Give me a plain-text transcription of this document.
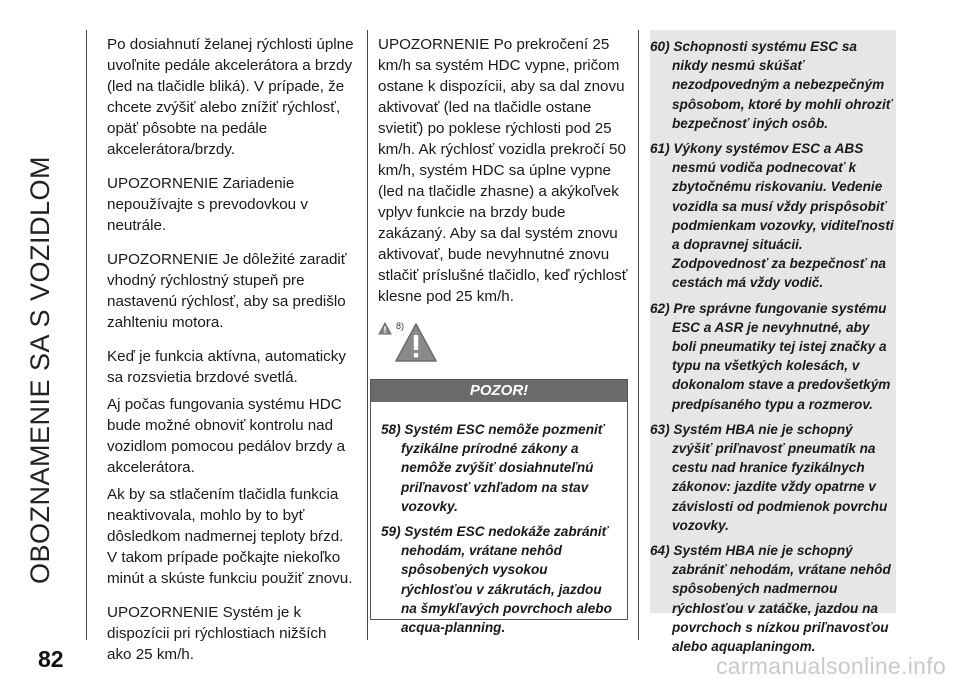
OBOZNAMENIE SA S VOZIDLOM
82	carmanualsonline.info

Po dosiahnutí želanej rýchlosti úplne uvoľnite pedále akcelerátora a brzdy (led na tlačidle bliká). V prípade, že chcete zvýšiť alebo znížiť rýchlosť, opäť pôsobte na pedále akcelerátora/brzdy.

UPOZORNENIE Zariadenie nepoužívajte s prevodovkou v neutrále.

UPOZORNENIE Je dôležité zaradiť vhodný rýchlostný stupeň pre nastavenú rýchlosť, aby sa predišlo zahlteniu motora.

Keď je funkcia aktívna, automaticky sa rozsvietia brzdové svetlá.

Aj počas fungovania systému HDC bude možné obnoviť kontrolu nad vozidlom pomocou pedálov brzdy a akcelerátora.

Ak by sa stlačením tlačidla funkcia neaktivovala, mohlo by to byť dôsledkom nadmernej teploty bŕzd. V takom prípade počkajte niekoľko minút a skúste funkciu použiť znovu.

UPOZORNENIE Systém je k dispozícii pri rýchlostiach nižších ako 25 km/h.

UPOZORNENIE Po prekročení 25 km/h sa systém HDC vypne, pričom ostane k dispozícii, aby sa dal znovu aktivovať (led na tlačidle ostane svietiť) po poklese rýchlosti pod 25 km/h. Ak rýchlosť vozidla prekročí 50 km/h, systém HDC sa úplne vypne (led na tlačidle zhasne) a akýkoľvek vplyv funkcie na brzdy bude zakázaný. Aby sa dal systém znovu aktivovať, bude nevyhnutné znovu stlačiť príslušné tlačidlo, keď rýchlosť klesne pod 25 km/h.

8)
POZOR!

58) Systém ESC nemôže pozmeniť fyzikálne prírodné zákony a nemôže zvýšiť dosiahnuteľnú priľnavosť vzhľadom na stav vozovky.

59) Systém ESC nedokáže zabrániť nehodám, vrátane nehôd spôsobených vysokou rýchlosťou v zákrutách, jazdou na šmykľavých povrchoch alebo acqua-planning.

60) Schopnosti systému ESC sa nikdy nesmú skúšať nezodpovedným a nebezpečným spôsobom, ktoré by mohli ohroziť bezpečnosť iných osôb.

61) Výkony systémov ESC a ABS nesmú vodiča podnecovať k zbytočnému riskovaniu. Vedenie vozidla sa musí vždy prispôsobiť podmienkam vozovky, viditeľnosti a dopravnej situácii. Zodpovednosť za bezpečnosť na cestách má vždy vodič.

62) Pre správne fungovanie systému ESC a ASR je nevyhnutné, aby boli pneumatiky tej istej značky a typu na všetkých kolesách, v dokonalom stave a predovšetkým predpísaného typu a rozmerov.

63) Systém HBA nie je schopný zvýšiť priľnavosť pneumatík na cestu nad hranice fyzikálnych zákonov: jazdite vždy opatrne v závislosti od podmienok povrchu vozovky.

64) Systém HBA nie je schopný zabrániť nehodám, vrátane nehôd spôsobených nadmernou rýchlosťou v zatáčke, jazdou na povrchoch s nízkou priľnavosťou alebo aquaplaningom.
